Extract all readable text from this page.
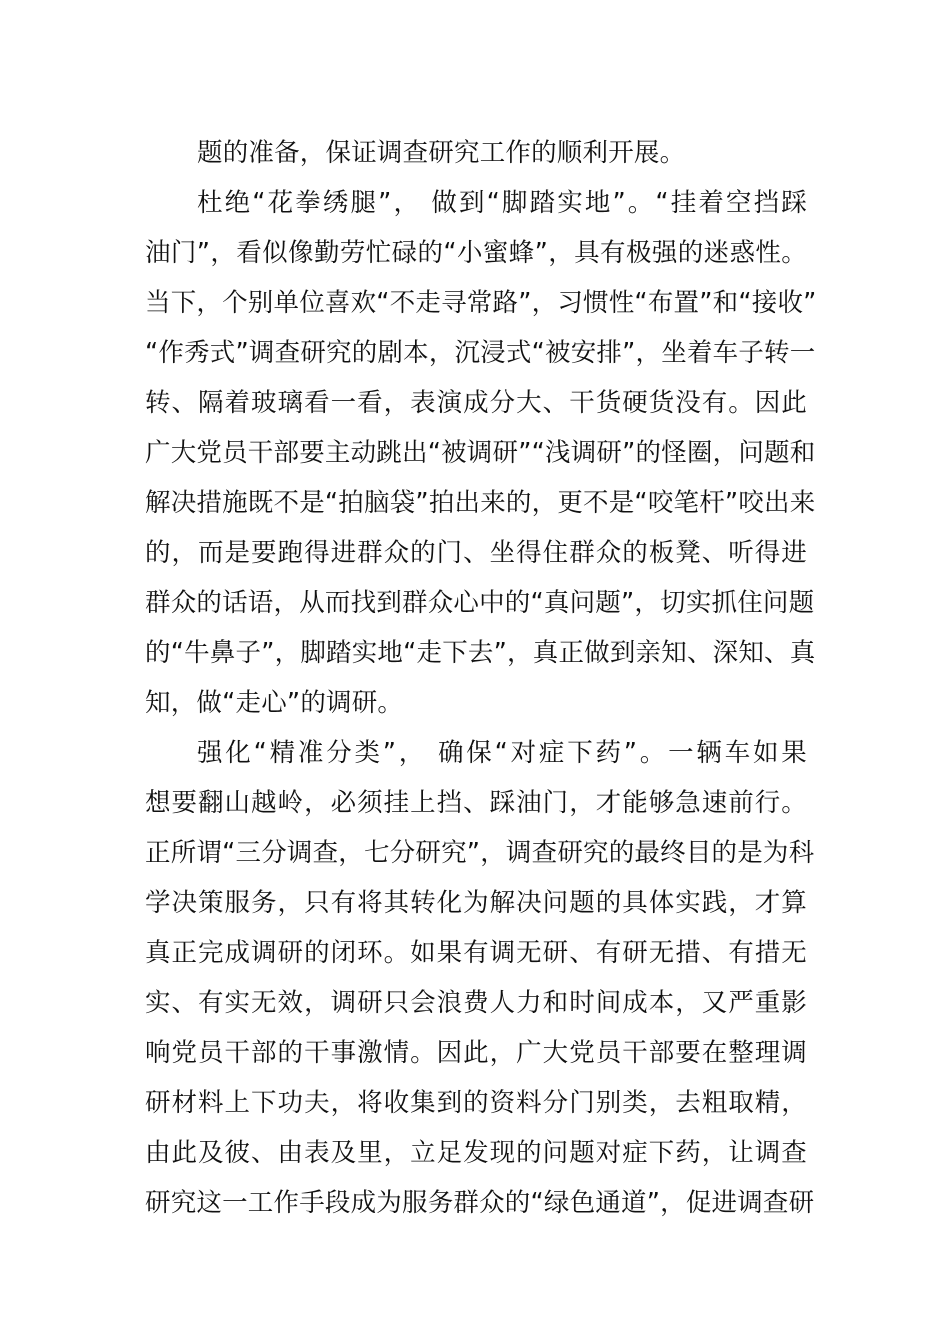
题的准备，保证调查研究工作的顺利开展。
杜绝“花拳绣腿”， 做到“脚踏实地”。“挂着空挡踩
油门”，看似像勤劳忙碌的“小蜜蜂”，具有极强的迷惑性。
当下，个别单位喜欢“不走寻常路”，习惯性“布置”和“接收”
“作秀式”调查研究的剧本，沉浸式“被安排”，坐着车子转一
转、隔着玻璃看一看，表演成分大、干货硬货没有。因此
广大党员干部要主动跳出“被调研”“浅调研”的怪圈，问题和
解决措施既不是“拍脑袋”拍出来的，更不是“咬笔杆”咬出来
的，而是要跑得进群众的门、坐得住群众的板凳、听得进
群众的话语，从而找到群众心中的“真问题”，切实抓住问题
的“牛鼻子”，脚踏实地“走下去”，真正做到亲知、深知、真
知，做“走心”的调研。
强化“精准分类”， 确保“对症下药”。一辆车如果
想要翻山越岭，必须挂上挡、踩油门，才能够急速前行。
正所谓“三分调查，七分研究”，调查研究的最终目的是为科
学决策服务，只有将其转化为解决问题的具体实践，才算
真正完成调研的闭环。如果有调无研、有研无措、有措无
实、有实无效，调研只会浪费人力和时间成本，又严重影
响党员干部的干事激情。因此，广大党员干部要在整理调
研材料上下功夫，将收集到的资料分门别类，去粗取精，
由此及彼、由表及里，立足发现的问题对症下药，让调查
研究这一工作手段成为服务群众的“绿色通道”，促进调查研
